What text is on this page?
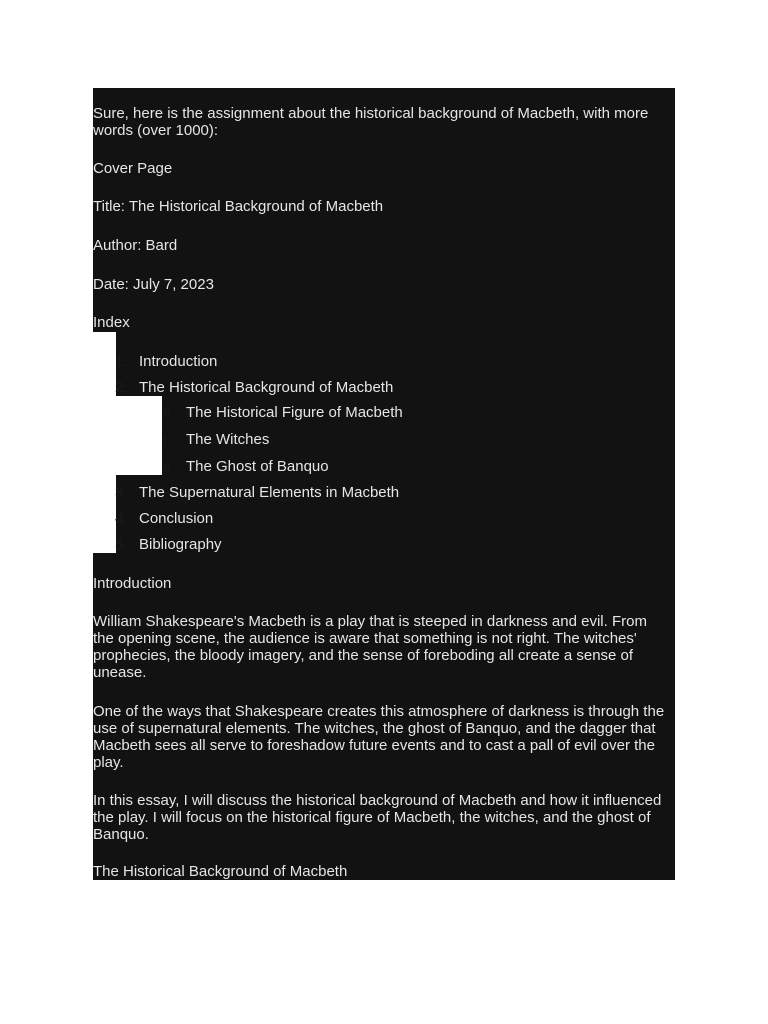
Sure, here is the assignment about the historical background of Macbeth, with more words (over 1000):

Cover Page

Title: The Historical Background of Macbeth

Author: Bard

Date: July 7, 2023

Index

1. Introduction
2. The Historical Background of Macbeth
o The Historical Figure of Macbeth
o The Witches
o The Ghost of Banquo
3. The Supernatural Elements in Macbeth
4. Conclusion
5. Bibliography

Introduction

William Shakespeare's Macbeth is a play that is steeped in darkness and evil. From the opening scene, the audience is aware that something is not right. The witches' prophecies, the bloody imagery, and the sense of foreboding all create a sense of unease.

One of the ways that Shakespeare creates this atmosphere of darkness is through the use of supernatural elements. The witches, the ghost of Banquo, and the dagger that Macbeth sees all serve to foreshadow future events and to cast a pall of evil over the play.

In this essay, I will discuss the historical background of Macbeth and how it influenced the play. I will focus on the historical figure of Macbeth, the witches, and the ghost of Banquo.

The Historical Background of Macbeth
